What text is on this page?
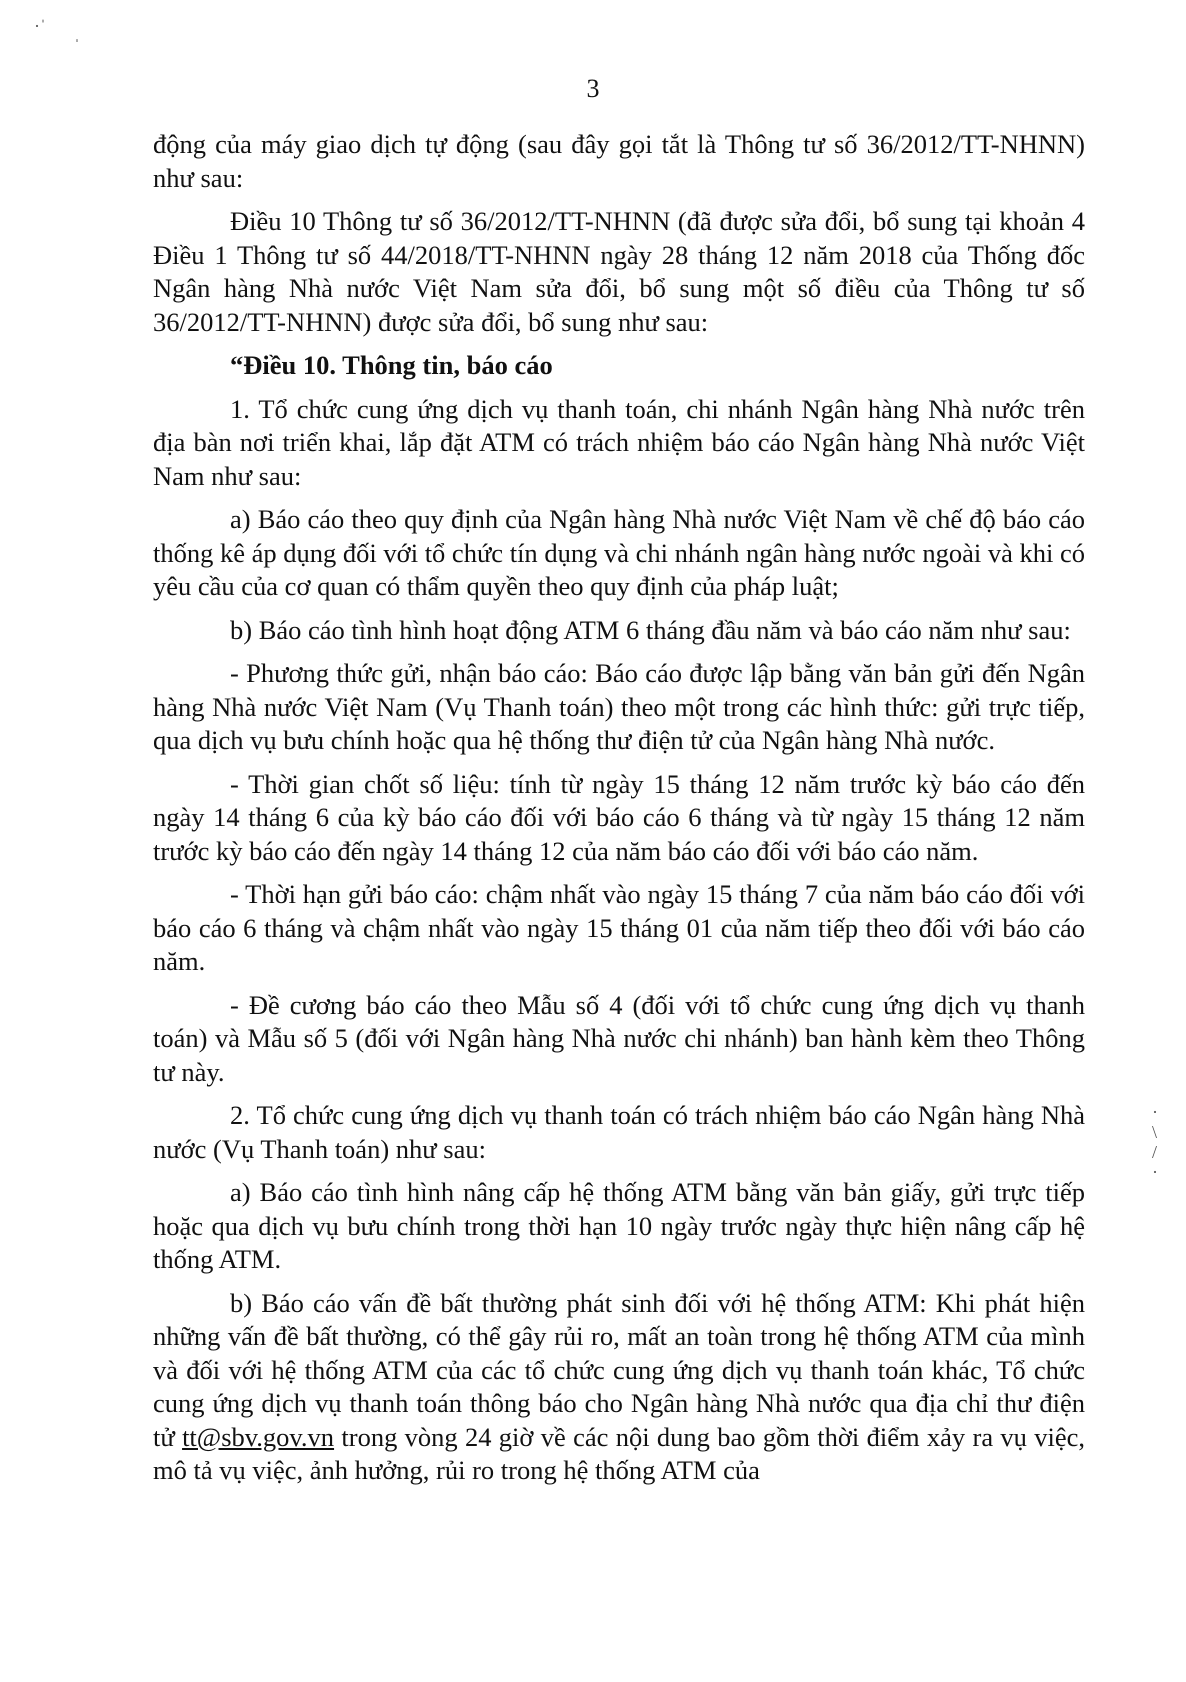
·ˈ ˌ
3

động của máy giao dịch tự động (sau đây gọi tắt là Thông tư số 36/2012/TT-NHNN) như sau:

Điều 10 Thông tư số 36/2012/TT-NHNN (đã được sửa đổi, bổ sung tại khoản 4 Điều 1 Thông tư số 44/2018/TT-NHNN ngày 28 tháng 12 năm 2018 của Thống đốc Ngân hàng Nhà nước Việt Nam sửa đổi, bổ sung một số điều của Thông tư số 36/2012/TT-NHNN) được sửa đổi, bổ sung như sau:

“Điều 10. Thông tin, báo cáo

1. Tổ chức cung ứng dịch vụ thanh toán, chi nhánh Ngân hàng Nhà nước trên địa bàn nơi triển khai, lắp đặt ATM có trách nhiệm báo cáo Ngân hàng Nhà nước Việt Nam như sau:

a) Báo cáo theo quy định của Ngân hàng Nhà nước Việt Nam về chế độ báo cáo thống kê áp dụng đối với tổ chức tín dụng và chi nhánh ngân hàng nước ngoài và khi có yêu cầu của cơ quan có thẩm quyền theo quy định của pháp luật;

b) Báo cáo tình hình hoạt động ATM 6 tháng đầu năm và báo cáo năm như sau:

- Phương thức gửi, nhận báo cáo: Báo cáo được lập bằng văn bản gửi đến Ngân hàng Nhà nước Việt Nam (Vụ Thanh toán) theo một trong các hình thức: gửi trực tiếp, qua dịch vụ bưu chính hoặc qua hệ thống thư điện tử của Ngân hàng Nhà nước.

- Thời gian chốt số liệu: tính từ ngày 15 tháng 12 năm trước kỳ báo cáo đến ngày 14 tháng 6 của kỳ báo cáo đối với báo cáo 6 tháng và từ ngày 15 tháng 12 năm trước kỳ báo cáo đến ngày 14 tháng 12 của năm báo cáo đối với báo cáo năm.

- Thời hạn gửi báo cáo: chậm nhất vào ngày 15 tháng 7 của năm báo cáo đối với báo cáo 6 tháng và chậm nhất vào ngày 15 tháng 01 của năm tiếp theo đối với báo cáo năm.

- Đề cương báo cáo theo Mẫu số 4 (đối với tổ chức cung ứng dịch vụ thanh toán) và Mẫu số 5 (đối với Ngân hàng Nhà nước chi nhánh) ban hành kèm theo Thông tư này.

2. Tổ chức cung ứng dịch vụ thanh toán có trách nhiệm báo cáo Ngân hàng Nhà nước (Vụ Thanh toán) như sau:

a) Báo cáo tình hình nâng cấp hệ thống ATM bằng văn bản giấy, gửi trực tiếp hoặc qua dịch vụ bưu chính trong thời hạn 10 ngày trước ngày thực hiện nâng cấp hệ thống ATM.

b) Báo cáo vấn đề bất thường phát sinh đối với hệ thống ATM: Khi phát hiện những vấn đề bất thường, có thể gây rủi ro, mất an toàn trong hệ thống ATM của mình và đối với hệ thống ATM của các tổ chức cung ứng dịch vụ thanh toán khác, Tổ chức cung ứng dịch vụ thanh toán thông báo cho Ngân hàng Nhà nước qua địa chỉ thư điện tử tt@sbv.gov.vn trong vòng 24 giờ về các nội dung bao gồm thời điểm xảy ra vụ việc, mô tả vụ việc, ảnh hưởng, rủi ro trong hệ thống ATM của

·
\
/
·
